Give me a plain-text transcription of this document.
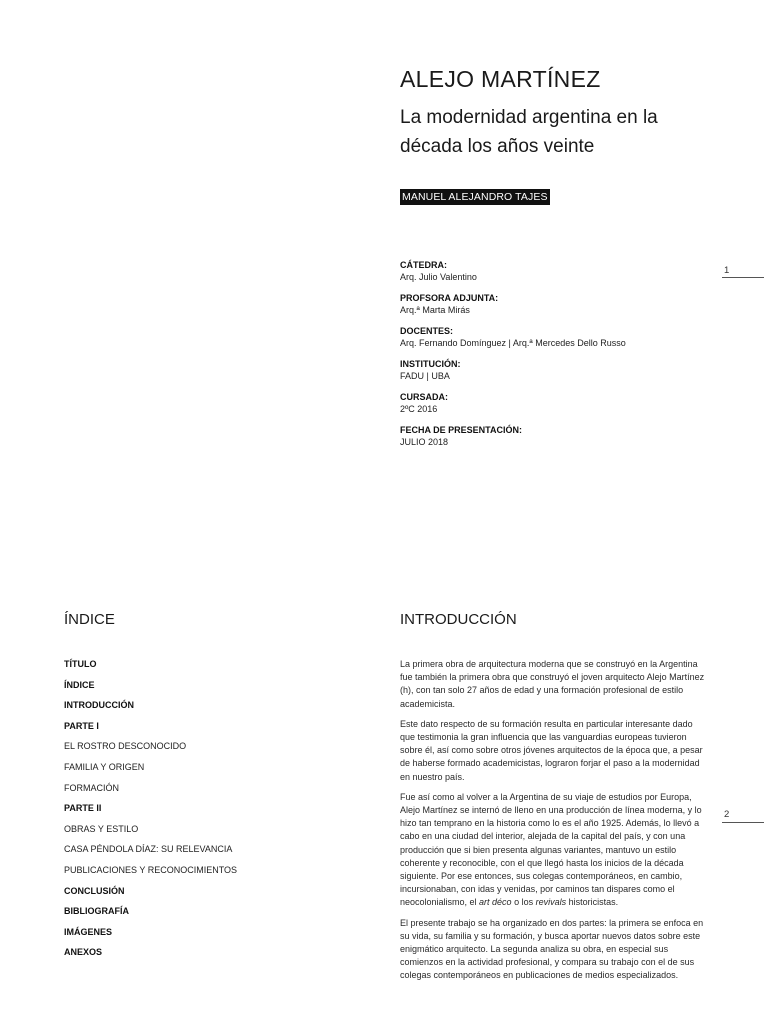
ALEJO MARTÍNEZ
La modernidad argentina en la década los años veinte
MANUEL ALEJANDRO TAJES
CÁTEDRA:
Arq. Julio Valentino
PROFSORA ADJUNTA:
Arq.ª Marta Mirás
DOCENTES:
Arq. Fernando Domínguez | Arq.ª Mercedes Dello Russo
INSTITUCIÓN:
FADU | UBA
CURSADA:
2ºC 2016
FECHA DE PRESENTACIÓN:
JULIO 2018
1
ÍNDICE
TÍTULO
ÍNDICE
INTRODUCCIÓN
PARTE I
EL ROSTRO DESCONOCIDO
FAMILIA Y ORIGEN
FORMACIÓN
PARTE II
OBRAS Y ESTILO
CASA PÉNDOLA DÍAZ: SU RELEVANCIA
PUBLICACIONES Y RECONOCIMIENTOS
CONCLUSIÓN
BIBLIOGRAFÍA
IMÁGENES
ANEXOS
INTRODUCCIÓN

La primera obra de arquitectura moderna que se construyó en la Argentina fue también la primera obra que construyó el joven arquitecto Alejo Martínez (h), con tan solo 27 años de edad y una formación profesional de estilo academicista.

Este dato respecto de su formación resulta en particular interesante dado que testimonia la gran influencia que las vanguardias europeas tuvieron sobre él, así como sobre otros jóvenes arquitectos de la época que, a pesar de haberse formado academicistas, lograron forjar el paso a la modernidad en nuestro país.

Fue así como al volver a la Argentina de su viaje de estudios por Europa, Alejo Martínez se internó de lleno en una producción de línea moderna, y lo hizo tan temprano en la historia como lo es el año 1925. Además, lo llevó a cabo en una ciudad del interior, alejada de la capital del país, y con una producción que si bien presenta algunas variantes, mantuvo un estilo coherente y reconocible, con el que llegó hasta los inicios de la década siguiente. Por ese entonces, sus colegas contemporáneos, en cambio, incursionaban, con idas y venidas, por caminos tan dispares como el neocolonialismo, el art déco o los revivals historicistas.

El presente trabajo se ha organizado en dos partes: la primera se enfoca en su vida, su familia y su formación, y busca aportar nuevos datos sobre este enigmático arquitecto. La segunda analiza su obra, en especial sus comienzos en la actividad profesional, y compara su trabajo con el de sus colegas contemporáneos en publicaciones de medios especializados.

2
